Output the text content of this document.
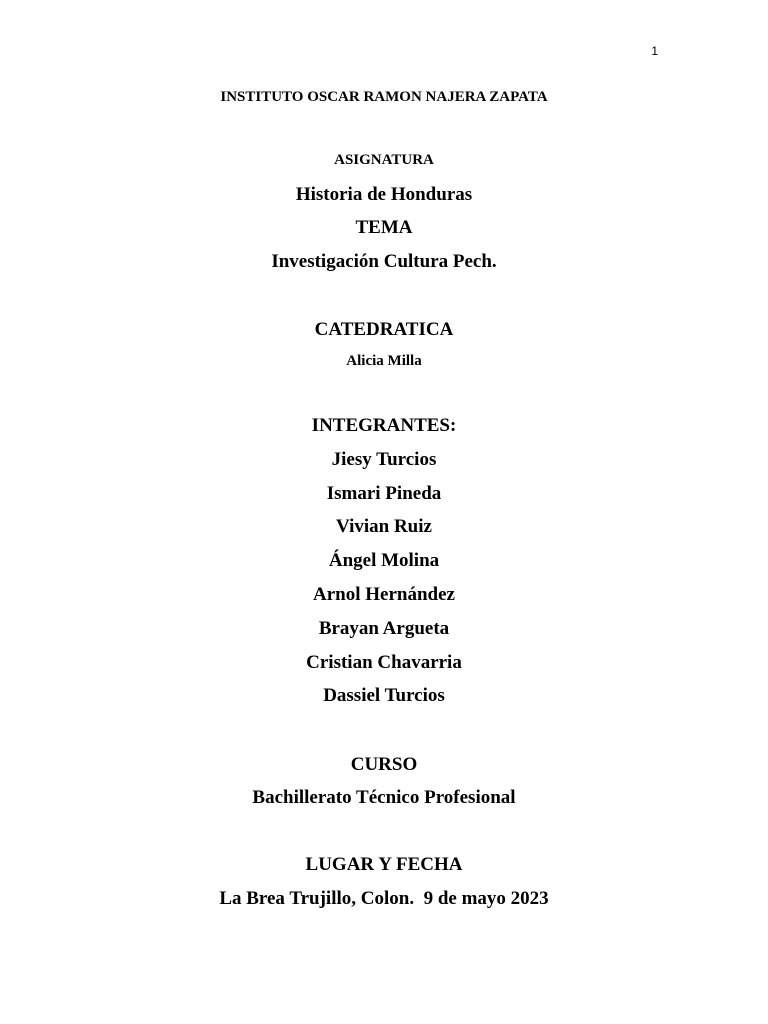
1
INSTITUTO OSCAR RAMON NAJERA ZAPATA
ASIGNATURA
Historia de Honduras
TEMA
Investigación Cultura Pech.
CATEDRATICA
Alicia Milla
INTEGRANTES:
Jiesy Turcios
Ismari Pineda
Vivian Ruiz
Ángel Molina
Arnol Hernández
Brayan Argueta
Cristian Chavarria
Dassiel Turcios
CURSO
Bachillerato Técnico Profesional
LUGAR Y FECHA
La Brea Trujillo, Colon.  9 de mayo 2023
